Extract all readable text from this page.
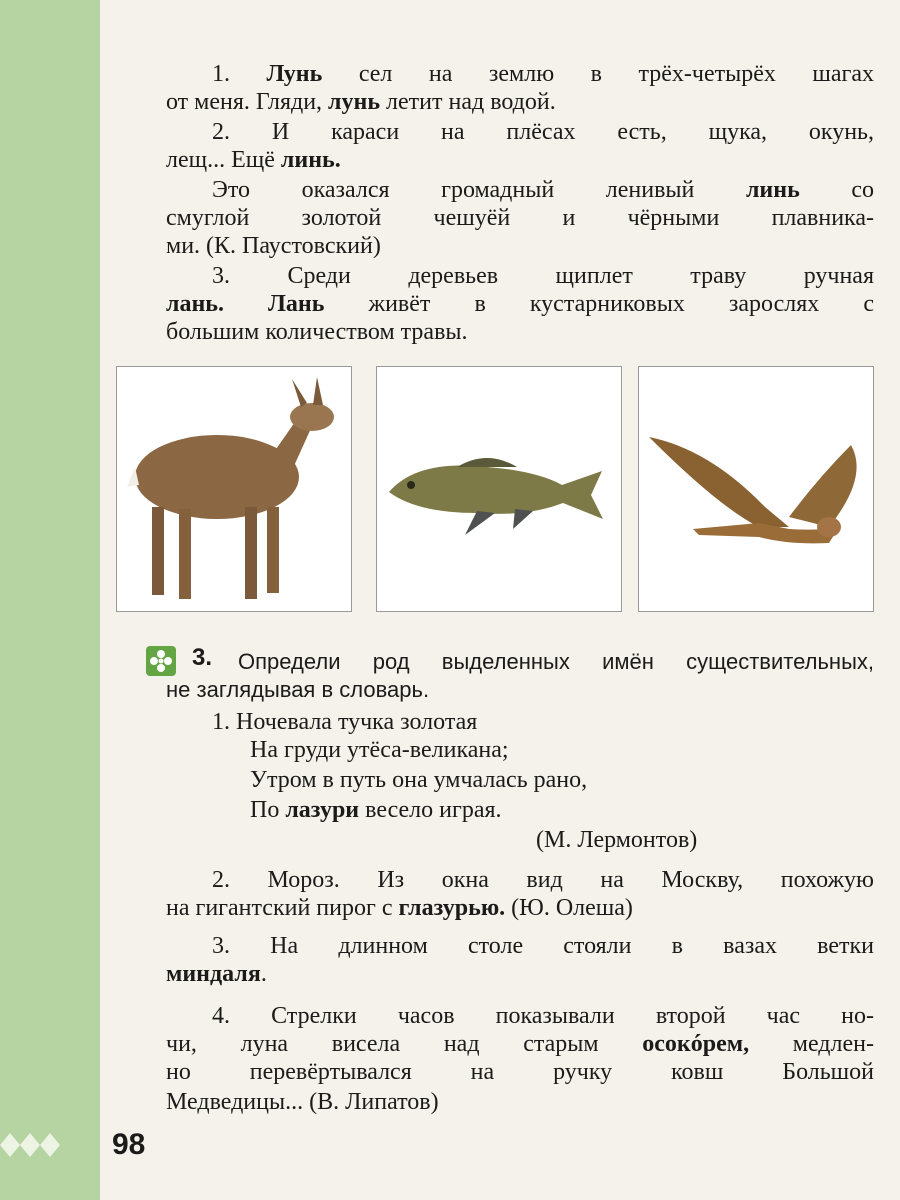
1. Лунь сел на землю в трёх-четырёх шагах
от меня. Гляди, лунь летит над водой.
2. И караси на плёсах есть, щука, окунь,
лещ... Ещё линь.
Это оказался громадный ленивый линь со
смуглой золотой чешуёй и чёрными плавника-
ми. (К. Паустовский)
3. Среди деревьев щиплет траву ручная
лань. Лань живёт в кустарниковых зарослях с
большим количеством травы.
3. Определи род выделенных имён существительных,
не заглядывая в словарь.
1. Ночевала тучка золотая
На груди утёса-великана;
Утром в путь она умчалась рано,
По лазури весело играя.
(М. Лермонтов)
2. Мороз. Из окна вид на Москву, похожую
на гигантский пирог с глазурью. (Ю. Олеша)
3. На длинном столе стояли в вазах ветки
миндаля.
4. Стрелки часов показывали второй час но-
чи, луна висела над старым осокóрем, медлен-
но перевёртывался на ручку ковш Большой
Медведицы... (В. Липатов)
98
